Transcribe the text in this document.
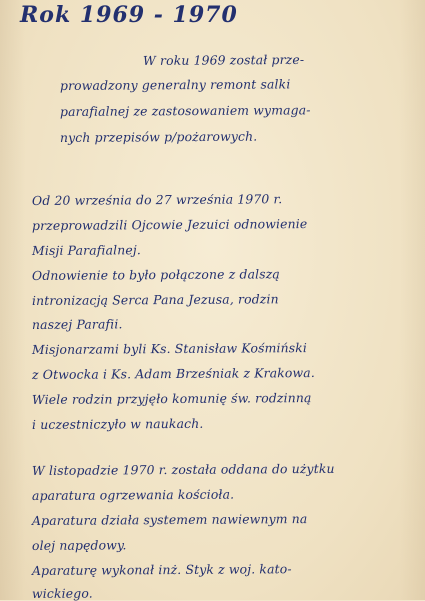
Rok 1969 - 1970

W roku 1969 został prze-

prowadzony generalny remont salki

parafialnej ze zastosowaniem wymaga-

nych przepisów p/pożarowych.

Od 20 września do 27 września 1970 r.

przeprowadzili Ojcowie Jezuici odnowienie

Misji Parafialnej.

Odnowienie to było połączone z dalszą

intronizacją Serca Pana Jezusa, rodzin

naszej Parafii.

Misjonarzami byli Ks. Stanisław Kośmiński

z Otwocka i Ks. Adam Brześniak z Krakowa.

Wiele rodzin przyjęło komunię św. rodzinną

i uczestniczyło w naukach.

W listopadzie 1970 r. została oddana do użytku

aparatura ogrzewania kościoła.

Aparatura działa systemem nawiewnym na

olej napędowy.

Aparaturę wykonał inż. Styk z woj. kato-

wickiego.
